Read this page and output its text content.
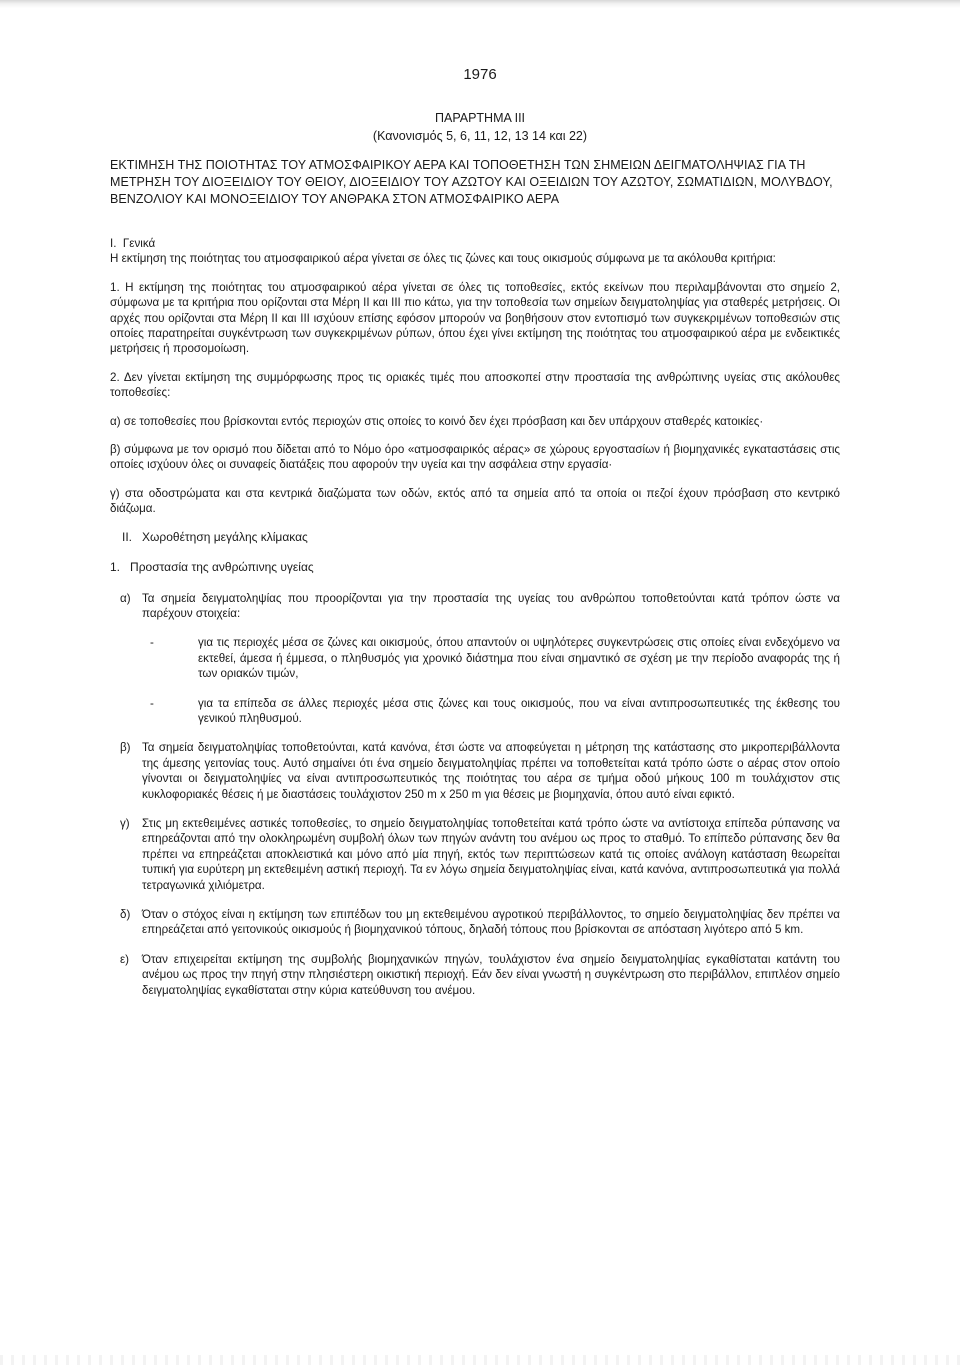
1976
ΠΑΡΑΡΤΗΜΑ III
(Κανονισμός 5, 6, 11, 12, 13 14 και 22)
ΕΚΤΙΜΗΣΗ ΤΗΣ ΠΟΙΟΤΗΤΑΣ ΤΟΥ ΑΤΜΟΣΦΑΙΡΙΚΟΥ ΑΕΡΑ ΚΑΙ ΤΟΠΟΘΕΤΗΣΗ ΤΩΝ ΣΗΜΕΙΩΝ ΔΕΙΓΜΑΤΟΛΗΨΙΑΣ ΓΙΑ ΤΗ ΜΕΤΡΗΣΗ ΤΟΥ ΔΙΟΞΕΙΔΙΟΥ ΤΟΥ ΘΕΙΟΥ, ΔΙΟΞΕΙΔΙΟΥ ΤΟΥ ΑΖΩΤΟΥ ΚΑΙ ΟΞΕΙΔΙΩΝ ΤΟΥ ΑΖΩΤΟΥ, ΣΩΜΑΤΙΔΙΩΝ, ΜΟΛΥΒΔΟΥ, ΒΕΝΖΟΛΙΟΥ ΚΑΙ ΜΟΝΟΞΕΙΔΙΟΥ ΤΟΥ ΑΝΘΡΑΚΑ ΣΤΟΝ ΑΤΜΟΣΦΑΙΡΙΚΟ ΑΕΡΑ

I. Γενικά

Η εκτίμηση της ποιότητας του ατμοσφαιρικού αέρα γίνεται σε όλες τις ζώνες και τους οικισμούς σύμφωνα με τα ακόλουθα κριτήρια:

1. Η εκτίμηση της ποιότητας του ατμοσφαιρικού αέρα γίνεται σε όλες τις τοποθεσίες, εκτός εκείνων που περιλαμβάνονται στο σημείο 2, σύμφωνα με τα κριτήρια που ορίζονται στα Μέρη II και III πιο κάτω, για την τοποθεσία των σημείων δειγματοληψίας για σταθερές μετρήσεις. Οι αρχές που ορίζονται στα Μέρη II και III ισχύουν επίσης εφόσον μπορούν να βοηθήσουν στον εντοπισμό των συγκεκριμένων τοποθεσιών στις οποίες παρατηρείται συγκέντρωση των συγκεκριμένων ρύπων, όπου έχει γίνει εκτίμηση της ποιότητας του ατμοσφαιρικού αέρα με ενδεικτικές μετρήσεις ή προσομοίωση.

2. Δεν γίνεται εκτίμηση της συμμόρφωσης προς τις οριακές τιμές που αποσκοπεί στην προστασία της ανθρώπινης υγείας στις ακόλουθες τοποθεσίες:

α) σε τοποθεσίες που βρίσκονται εντός περιοχών στις οποίες το κοινό δεν έχει πρόσβαση και δεν υπάρχουν σταθερές κατοικίες·

β) σύμφωνα με τον ορισμό που δίδεται από το Νόμο όρο «ατμοσφαιρικός αέρας» σε χώρους εργοστασίων ή βιομηχανικές εγκαταστάσεις στις οποίες ισχύουν όλες οι συναφείς διατάξεις που αφορούν την υγεία και την ασφάλεια στην εργασία·

γ) στα οδοστρώματα και στα κεντρικά διαζώματα των οδών, εκτός από τα σημεία από τα οποία οι πεζοί έχουν πρόσβαση στο κεντρικό διάζωμα.

II. Χωροθέτηση μεγάλης κλίμακας

1. Προστασία της ανθρώπινης υγείας

α) Τα σημεία δειγματοληψίας που προορίζονται για την προστασία της υγείας του ανθρώπου τοποθετούνται κατά τρόπον ώστε να παρέχουν στοιχεία:
-	για τις περιοχές μέσα σε ζώνες και οικισμούς, όπου απαντούν οι υψηλότερες συγκεντρώσεις στις οποίες είναι ενδεχόμενο να εκτεθεί, άμεσα ή έμμεσα, ο πληθυσμός για χρονικό διάστημα που είναι σημαντικό σε σχέση με την περίοδο αναφοράς της ή των οριακών τιμών,
-	για τα επίπεδα σε άλλες περιοχές μέσα στις ζώνες και τους οικισμούς, που να είναι αντιπροσωπευτικές της έκθεσης του γενικού πληθυσμού.
β) Τα σημεία δειγματοληψίας τοποθετούνται, κατά κανόνα, έτσι ώστε να αποφεύγεται η μέτρηση της κατάστασης στο μικροπεριβάλλοντα της άμεσης γειτονίας τους. Αυτό σημαίνει ότι ένα σημείο δειγματοληψίας πρέπει να τοποθετείται κατά τρόπο ώστε ο αέρας στον οποίο γίνονται οι δειγματοληψίες να είναι αντιπροσωπευτικός της ποιότητας του αέρα σε τμήμα οδού μήκους 100 m τουλάχιστον στις κυκλοφοριακές θέσεις ή με διαστάσεις τουλάχιστον 250 m x 250 m για θέσεις με βιομηχανία, όπου αυτό είναι εφικτό.
γ) Στις μη εκτεθειμένες αστικές τοποθεσίες, το σημείο δειγματοληψίας τοποθετείται κατά τρόπο ώστε να αντίστοιχα επίπεδα ρύπανσης να επηρεάζονται από την ολοκληρωμένη συμβολή όλων των πηγών ανάντη του ανέμου ως προς το σταθμό. Το επίπεδο ρύπανσης δεν θα πρέπει να επηρεάζεται αποκλειστικά και μόνο από μία πηγή, εκτός των περιπτώσεων κατά τις οποίες ανάλογη κατάσταση θεωρείται τυπική για ευρύτερη μη εκτεθειμένη αστική περιοχή. Τα εν λόγω σημεία δειγματοληψίας είναι, κατά κανόνα, αντιπροσωπευτικά για πολλά τετραγωνικά χιλιόμετρα.
δ) Όταν ο στόχος είναι η εκτίμηση των επιπέδων του μη εκτεθειμένου αγροτικού περιβάλλοντος, το σημείο δειγματοληψίας δεν πρέπει να επηρεάζεται από γειτονικούς οικισμούς ή βιομηχανικού τόπους, δηλαδή τόπους που βρίσκονται σε απόσταση λιγότερο από 5 km.
ε) Όταν επιχειρείται εκτίμηση της συμβολής βιομηχανικών πηγών, τουλάχιστον ένα σημείο δειγματοληψίας εγκαθίσταται κατάντη του ανέμου ως προς την πηγή στην πλησιέστερη οικιστική περιοχή. Εάν δεν είναι γνωστή η συγκέντρωση στο περιβάλλον, επιπλέον σημείο δειγματοληψίας εγκαθίσταται στην κύρια κατεύθυνση του ανέμου.
